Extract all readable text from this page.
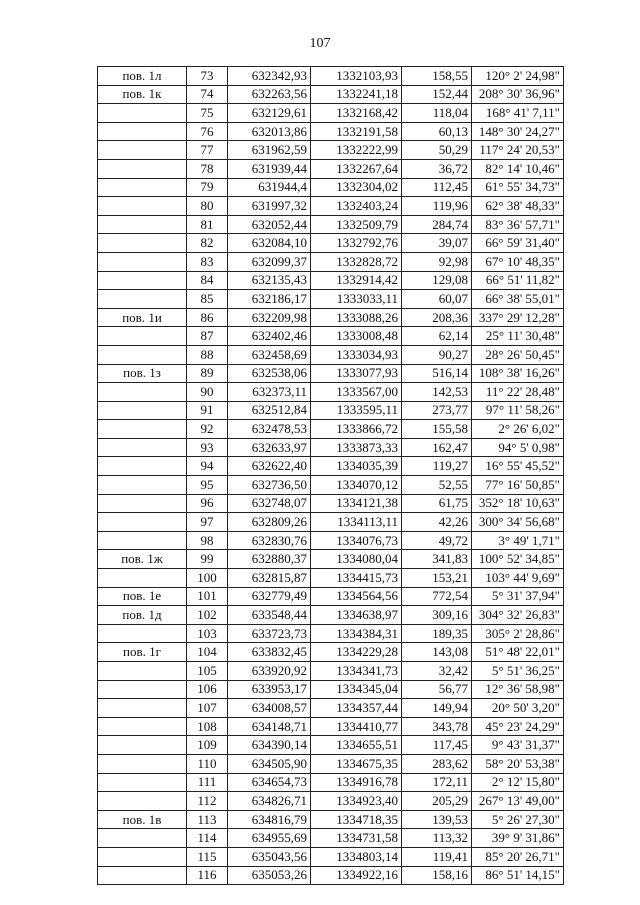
107
пов. 1л	73	632342,93	1332103,93	158,55	120° 2' 24,98"
пов. 1к	74	632263,56	1332241,18	152,44	208° 30' 36,96"
	75	632129,61	1332168,42	118,04	168° 41' 7,11"
	76	632013,86	1332191,58	60,13	148° 30' 24,27"
	77	631962,59	1332222,99	50,29	117° 24' 20,53"
	78	631939,44	1332267,64	36,72	82° 14' 10,46"
	79	631944,4	1332304,02	112,45	61° 55' 34,73"
	80	631997,32	1332403,24	119,96	62° 38' 48,33"
	81	632052,44	1332509,79	284,74	83° 36' 57,71"
	82	632084,10	1332792,76	39,07	66° 59' 31,40"
	83	632099,37	1332828,72	92,98	67° 10' 48,35"
	84	632135,43	1332914,42	129,08	66° 51' 11,82"
	85	632186,17	1333033,11	60,07	66° 38' 55,01"
пов. 1и	86	632209,98	1333088,26	208,36	337° 29' 12,28"
	87	632402,46	1333008,48	62,14	25° 11' 30,48"
	88	632458,69	1333034,93	90,27	28° 26' 50,45"
пов. 1з	89	632538,06	1333077,93	516,14	108° 38' 16,26"
	90	632373,11	1333567,00	142,53	11° 22' 28,48"
	91	632512,84	1333595,11	273,77	97° 11' 58,26"
	92	632478,53	1333866,72	155,58	2° 26' 6,02"
	93	632633,97	1333873,33	162,47	94° 5' 0,98"
	94	632622,40	1334035,39	119,27	16° 55' 45,52"
	95	632736,50	1334070,12	52,55	77° 16' 50,85"
	96	632748,07	1334121,38	61,75	352° 18' 10,63"
	97	632809,26	1334113,11	42,26	300° 34' 56,68"
	98	632830,76	1334076,73	49,72	3° 49' 1,71"
пов. 1ж	99	632880,37	1334080,04	341,83	100° 52' 34,85"
	100	632815,87	1334415,73	153,21	103° 44' 9,69"
пов. 1е	101	632779,49	1334564,56	772,54	5° 31' 37,94"
пов. 1д	102	633548,44	1334638,97	309,16	304° 32' 26,83"
	103	633723,73	1334384,31	189,35	305° 2' 28,86"
пов. 1г	104	633832,45	1334229,28	143,08	51° 48' 22,01"
	105	633920,92	1334341,73	32,42	5° 51' 36,25"
	106	633953,17	1334345,04	56,77	12° 36' 58,98"
	107	634008,57	1334357,44	149,94	20° 50' 3,20"
	108	634148,71	1334410,77	343,78	45° 23' 24,29"
	109	634390,14	1334655,51	117,45	9° 43' 31,37"
	110	634505,90	1334675,35	283,62	58° 20' 53,38"
	111	634654,73	1334916,78	172,11	2° 12' 15,80"
	112	634826,71	1334923,40	205,29	267° 13' 49,00"
пов. 1в	113	634816,79	1334718,35	139,53	5° 26' 27,30"
	114	634955,69	1334731,58	113,32	39° 9' 31,86"
	115	635043,56	1334803,14	119,41	85° 20' 26,71"
	116	635053,26	1334922,16	158,16	86° 51' 14,15"
